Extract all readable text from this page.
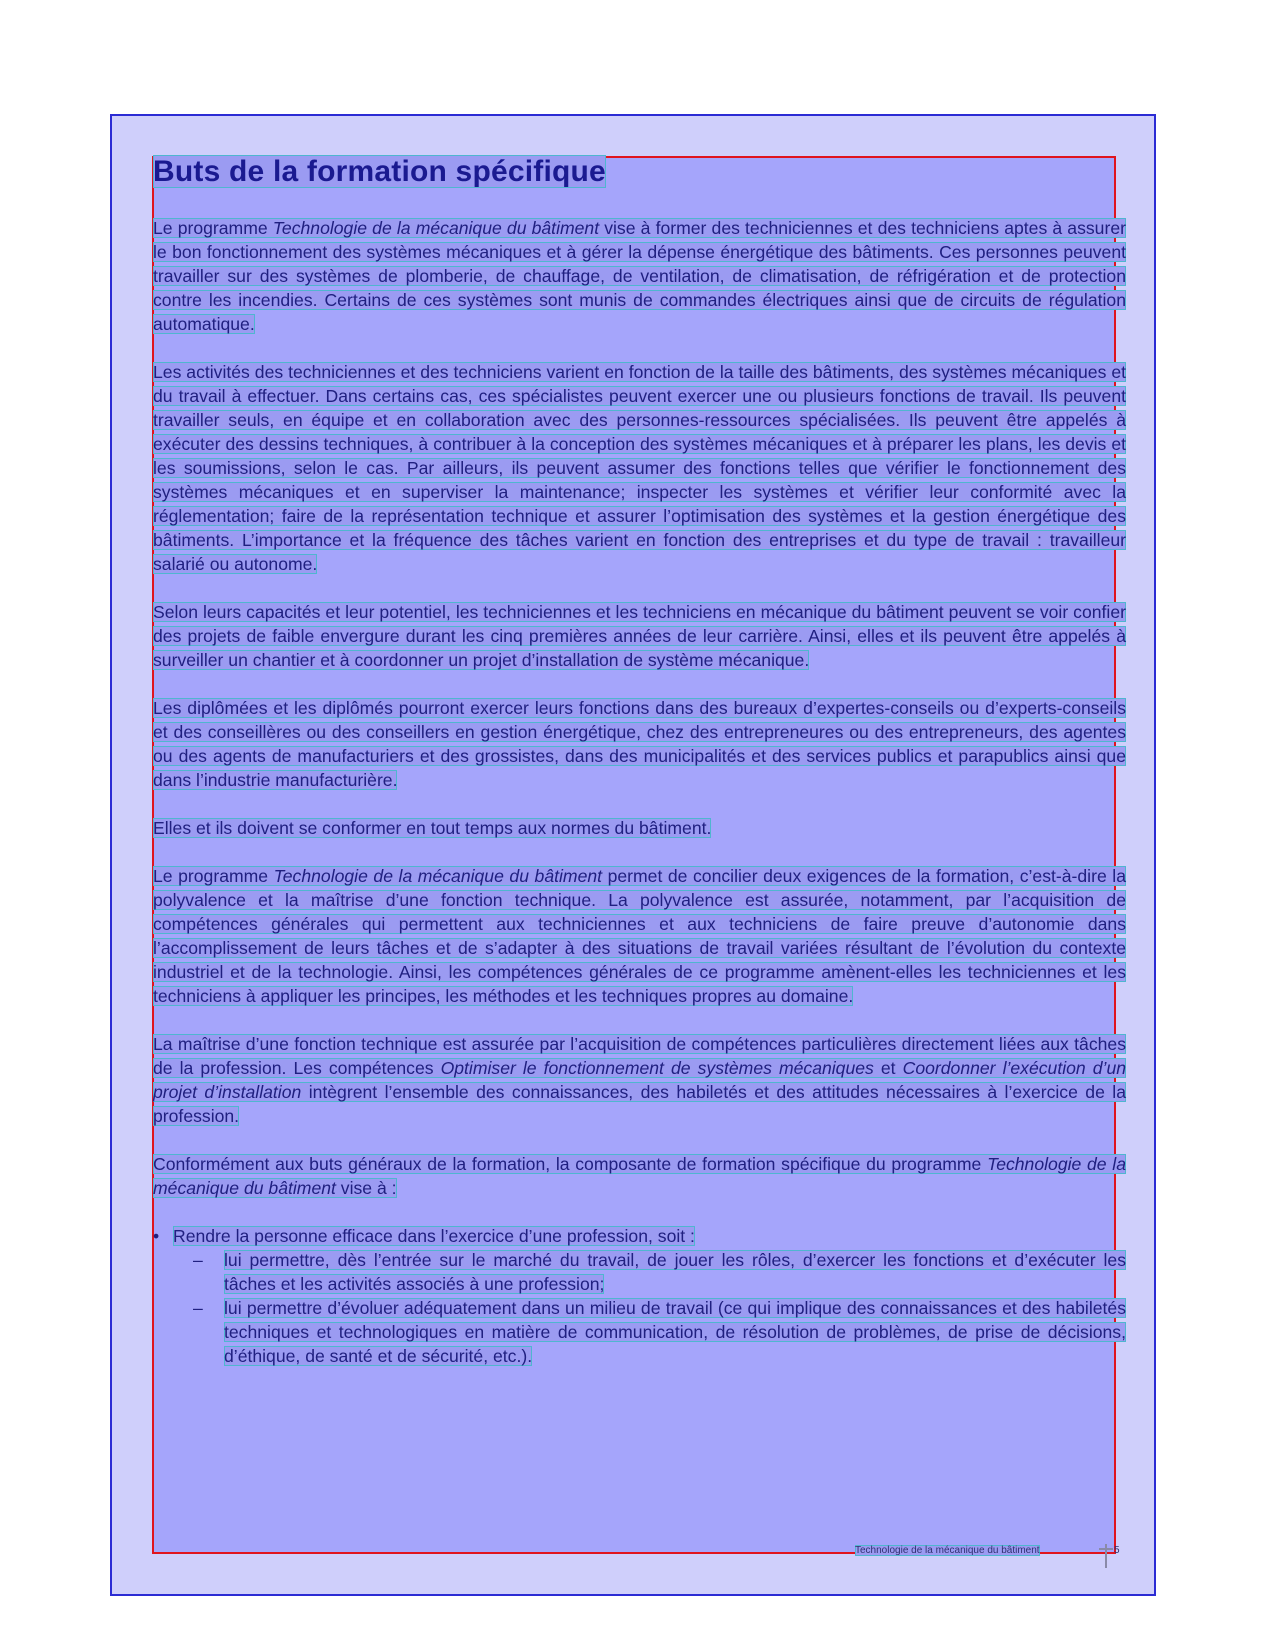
Buts de la formation spécifique

Le programme Technologie de la mécanique du bâtiment vise à former des techniciennes et des techniciens aptes à assurer le bon fonctionnement des systèmes mécaniques et à gérer la dépense énergétique des bâtiments. Ces personnes peuvent travailler sur des systèmes de plomberie, de chauffage, de ventilation, de climatisation, de réfrigération et de protection contre les incendies. Certains de ces systèmes sont munis de commandes électriques ainsi que de circuits de régulation automatique.

Les activités des techniciennes et des techniciens varient en fonction de la taille des bâtiments, des systèmes mécaniques et du travail à effectuer. Dans certains cas, ces spécialistes peuvent exercer une ou plusieurs fonctions de travail. Ils peuvent travailler seuls, en équipe et en collaboration avec des personnes-ressources spécialisées. Ils peuvent être appelés à exécuter des dessins techniques, à contribuer à la conception des systèmes mécaniques et à préparer les plans, les devis et les soumissions, selon le cas. Par ailleurs, ils peuvent assumer des fonctions telles que vérifier le fonctionnement des systèmes mécaniques et en superviser la maintenance; inspecter les systèmes et vérifier leur conformité avec la réglementation; faire de la représentation technique et assurer l’optimisation des systèmes et la gestion énergétique des bâtiments. L’importance et la fréquence des tâches varient en fonction des entreprises et du type de travail : travailleur salarié ou autonome.

Selon leurs capacités et leur potentiel, les techniciennes et les techniciens en mécanique du bâtiment peuvent se voir confier des projets de faible envergure durant les cinq premières années de leur carrière. Ainsi, elles et ils peuvent être appelés à surveiller un chantier et à coordonner un projet d’installation de système mécanique.

Les diplômées et les diplômés pourront exercer leurs fonctions dans des bureaux d’expertes-conseils ou d’experts-conseils et des conseillères ou des conseillers en gestion énergétique, chez des entrepreneures ou des entrepreneurs, des agentes ou des agents de manufacturiers et des grossistes, dans des municipalités et des services publics et parapublics ainsi que dans l’industrie manufacturière.

Elles et ils doivent se conformer en tout temps aux normes du bâtiment.

Le programme Technologie de la mécanique du bâtiment permet de concilier deux exigences de la formation, c’est-à-dire la polyvalence et la maîtrise d’une fonction technique. La polyvalence est assurée, notamment, par l’acquisition de compétences générales qui permettent aux techniciennes et aux techniciens de faire preuve d’autonomie dans l’accomplissement de leurs tâches et de s’adapter à des situations de travail variées résultant de l’évolution du contexte industriel et de la technologie. Ainsi, les compétences générales de ce programme amènent-elles les techniciennes et les techniciens à appliquer les principes, les méthodes et les techniques propres au domaine.

La maîtrise d’une fonction technique est assurée par l’acquisition de compétences particulières directement liées aux tâches de la profession. Les compétences Optimiser le fonctionnement de systèmes mécaniques et Coordonner l’exécution d’un projet d’installation intègrent l’ensemble des connaissances, des habiletés et des attitudes nécessaires à l’exercice de la profession.

Conformément aux buts généraux de la formation, la composante de formation spécifique du programme Technologie de la mécanique du bâtiment vise à :

• Rendre la personne efficace dans l’exercice d’une profession, soit :
– lui permettre, dès l’entrée sur le marché du travail, de jouer les rôles, d’exercer les fonctions et d’exécuter les tâches et les activités associés à une profession;
– lui permettre d’évoluer adéquatement dans un milieu de travail (ce qui implique des connaissances et des habiletés techniques et technologiques en matière de communication, de résolution de problèmes, de prise de décisions, d’éthique, de santé et de sécurité, etc.).
Technologie de la mécanique du bâtiment	5
